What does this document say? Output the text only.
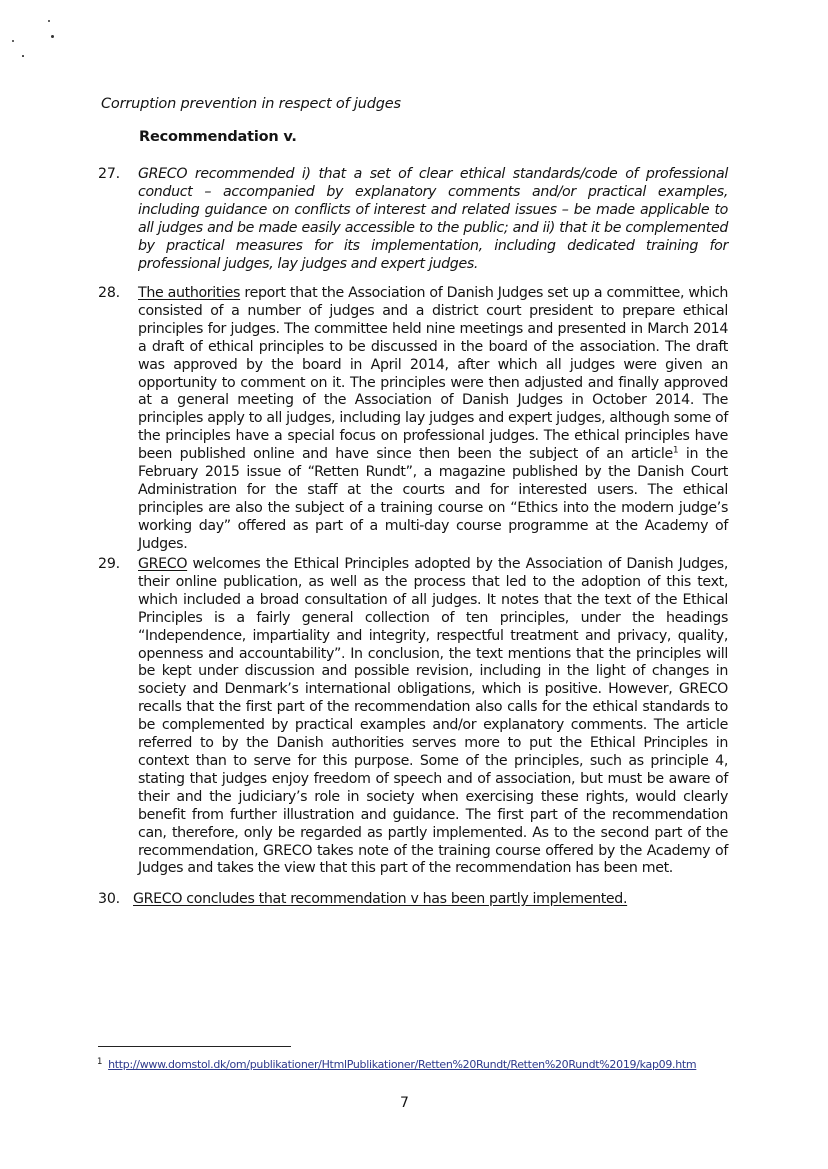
Corruption prevention in respect of judges
Recommendation v.
27. GRECO recommended i) that a set of clear ethical standards/code of professional conduct – accompanied by explanatory comments and/or practical examples, including guidance on conflicts of interest and related issues – be made applicable to all judges and be made easily accessible to the public; and ii) that it be complemented by practical measures for its implementation, including dedicated training for professional judges, lay judges and expert judges.

28. The authorities report that the Association of Danish Judges set up a committee, which consisted of a number of judges and a district court president to prepare ethical principles for judges. The committee held nine meetings and presented in March 2014 a draft of ethical principles to be discussed in the board of the association. The draft was approved by the board in April 2014, after which all judges were given an opportunity to comment on it. The principles were then adjusted and finally approved at a general meeting of the Association of Danish Judges in October 2014. The principles apply to all judges, including lay judges and expert judges, although some of the principles have a special focus on professional judges. The ethical principles have been published online and have since then been the subject of an article$^1$ in the February 2015 issue of “Retten Rundt”, a magazine published by the Danish Court Administration for the staff at the courts and for interested users. The ethical principles are also the subject of a training course on “Ethics into the modern judge’s working day” offered as part of a multi-day course programme at the Academy of Judges.

29. GRECO welcomes the Ethical Principles adopted by the Association of Danish Judges, their online publication, as well as the process that led to the adoption of this text, which included a broad consultation of all judges. It notes that the text of the Ethical Principles is a fairly general collection of ten principles, under the headings “Independence, impartiality and integrity, respectful treatment and privacy, quality, openness and accountability”. In conclusion, the text mentions that the principles will be kept under discussion and possible revision, including in the light of changes in society and Denmark’s international obligations, which is positive. However, GRECO recalls that the first part of the recommendation also calls for the ethical standards to be complemented by practical examples and/or explanatory comments. The article referred to by the Danish authorities serves more to put the Ethical Principles in context than to serve for this purpose. Some of the principles, such as principle 4, stating that judges enjoy freedom of speech and of association, but must be aware of their and the judiciary’s role in society when exercising these rights, would clearly benefit from further illustration and guidance. The first part of the recommendation can, therefore, only be regarded as partly implemented. As to the second part of the recommendation, GRECO takes note of the training course offered by the Academy of Judges and takes the view that this part of the recommendation has been met.

30. GRECO concludes that recommendation v has been partly implemented.

$^1$ http://www.domstol.dk/om/publikationer/HtmlPublikationer/Retten%20Rundt/Retten%20Rundt%2019/kap09.htm
7
